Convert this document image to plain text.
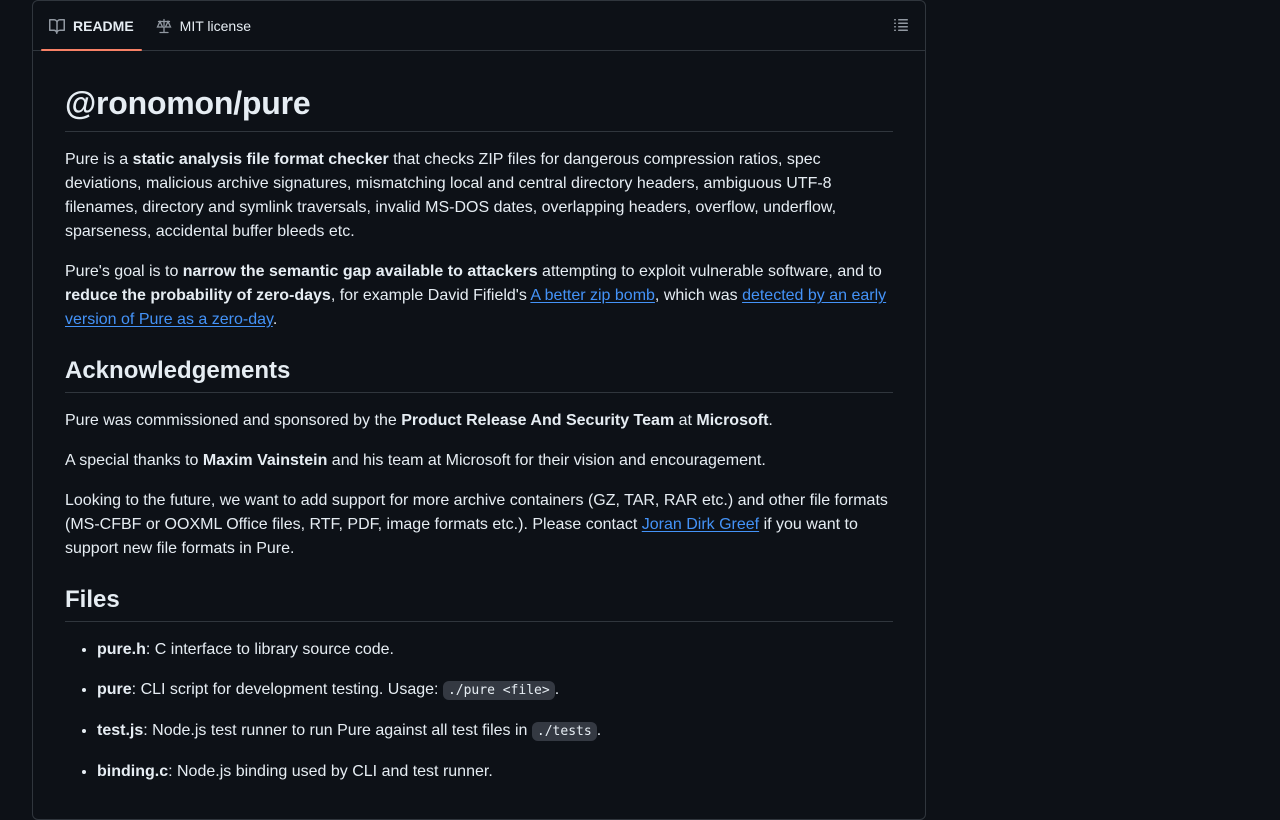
README	MIT license
@ronomon/pure

Pure is a static analysis file format checker that checks ZIP files for dangerous compression ratios, spec deviations, malicious archive signatures, mismatching local and central directory headers, ambiguous UTF-8 filenames, directory and symlink traversals, invalid MS-DOS dates, overlapping headers, overflow, underflow, sparseness, accidental buffer bleeds etc.

Pure's goal is to narrow the semantic gap available to attackers attempting to exploit vulnerable software, and to reduce the probability of zero-days, for example David Fifield's A better zip bomb, which was detected by an early version of Pure as a zero-day.

Acknowledgements

Pure was commissioned and sponsored by the Product Release And Security Team at Microsoft.

A special thanks to Maxim Vainstein and his team at Microsoft for their vision and encouragement.

Looking to the future, we want to add support for more archive containers (GZ, TAR, RAR etc.) and other file formats (MS-CFBF or OOXML Office files, RTF, PDF, image formats etc.). Please contact Joran Dirk Greef if you want to support new file formats in Pure.

Files
• pure.h: C interface to library source code.
• pure: CLI script for development testing. Usage: ./pure <file> .
• test.js: Node.js test runner to run Pure against all test files in ./tests .
• binding.c: Node.js binding used by CLI and test runner.
